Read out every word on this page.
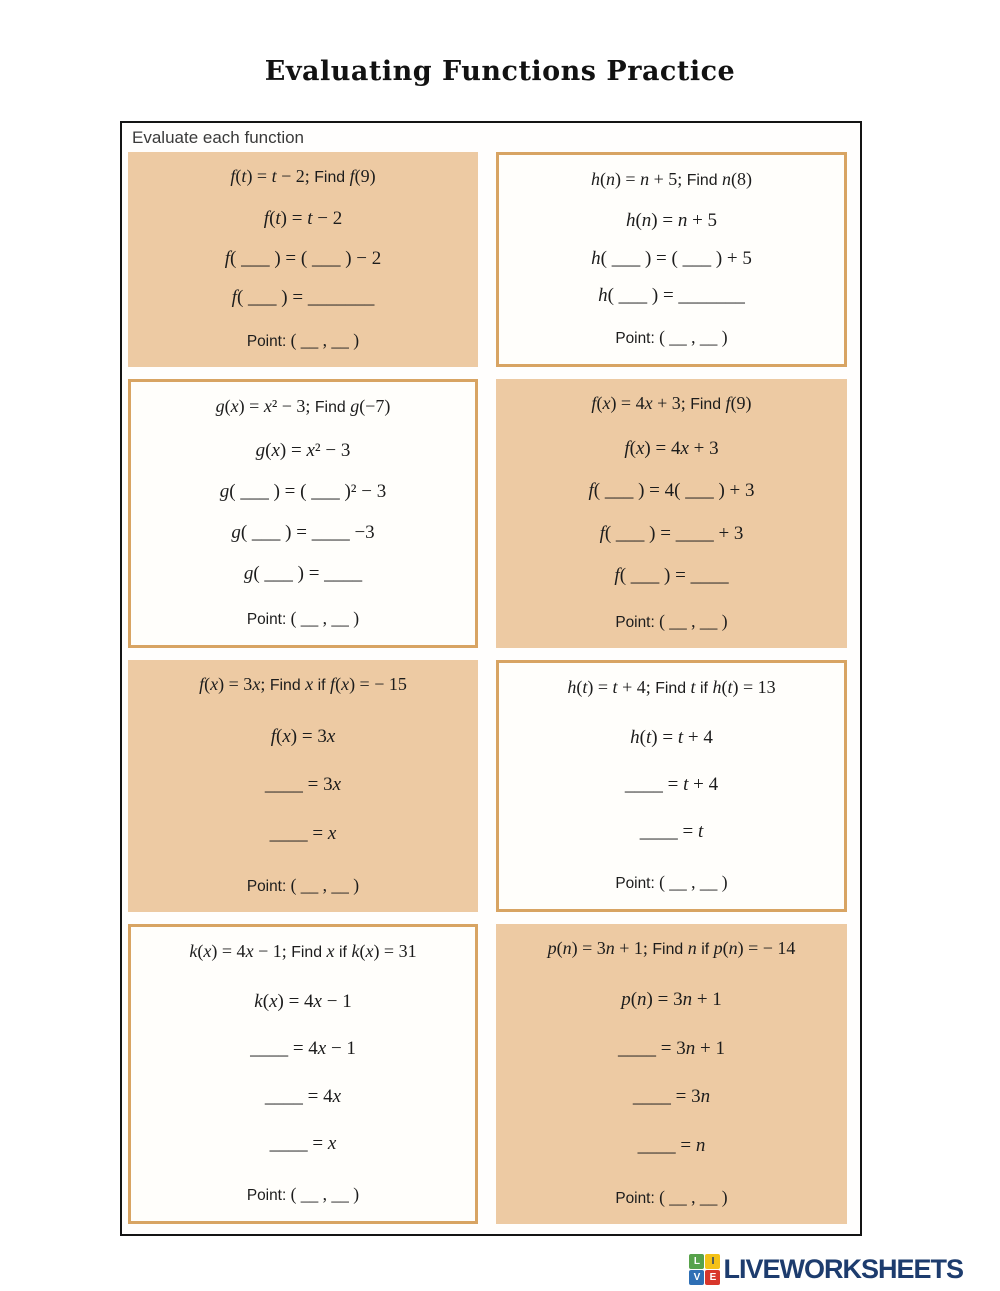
Evaluating Functions Practice
Evaluate each function
f(t) = t − 2; Find f(9)
f(t) = t − 2
f( ___ ) = ( ___ ) − 2
f( ___ ) = _______
Point: ( __ , __ )
h(n) = n + 5; Find n(8)
h(n) = n + 5
h( ___ ) = ( ___ ) + 5
h( ___ ) = _______
Point: ( __ , __ )
g(x) = x² − 3; Find g(−7)
g(x) = x² − 3
g( ___ ) = ( ___ )² − 3
g( ___ ) = ____ −3
g( ___ ) = ____
Point: ( __ , __ )
f(x) = 4x + 3; Find f(9)
f(x) = 4x + 3
f( ___ ) = 4( ___ ) + 3
f( ___ ) = ____ + 3
f( ___ ) = ____
Point: ( __ , __ )
f(x) = 3x; Find x if f(x) = − 15
f(x) = 3x
____ = 3x
____ = x
Point: ( __ , __ )
h(t) = t + 4; Find t if h(t) = 13
h(t) = t + 4
____ = t + 4
____ = t
Point: ( __ , __ )
k(x) = 4x − 1; Find x if k(x) = 31
k(x) = 4x − 1
____ = 4x − 1
____ = 4x
____ = x
Point: ( __ , __ )
p(n) = 3n + 1; Find n if p(n) = − 14
p(n) = 3n + 1
____ = 3n + 1
____ = 3n
____ = n
Point: ( __ , __ )
L	I
V E LIVEWORKSHEETS
